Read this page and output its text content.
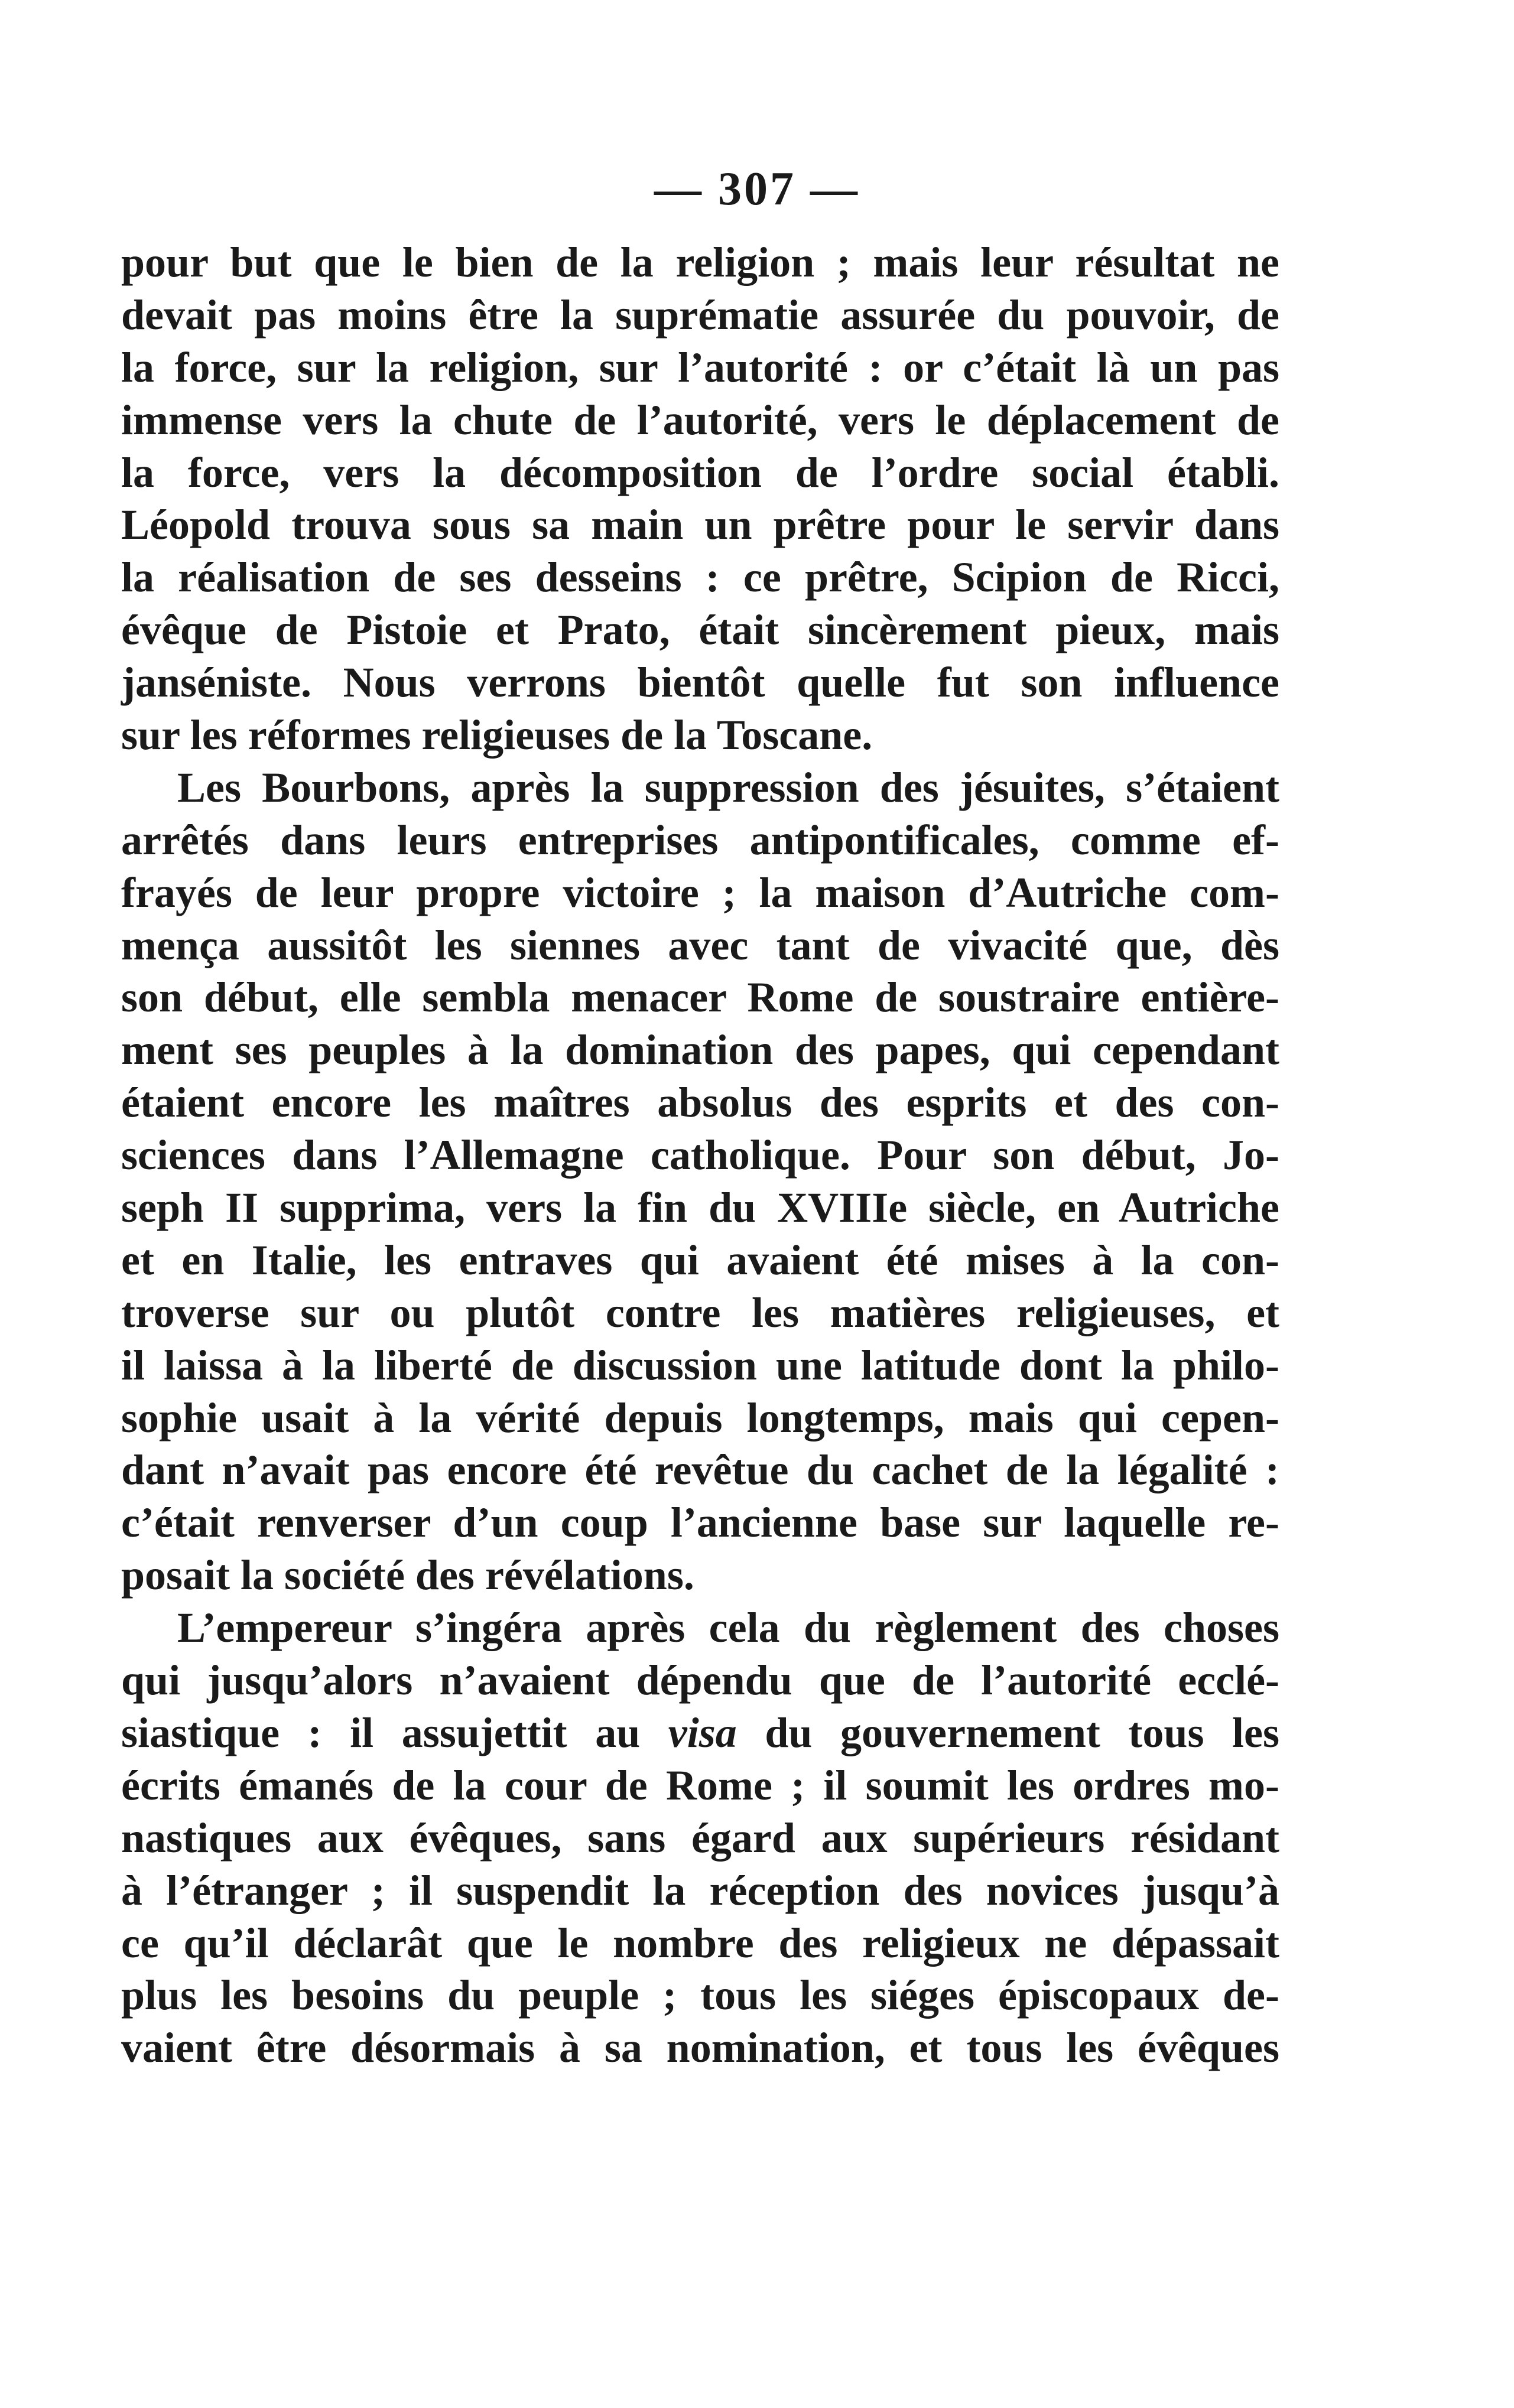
— 307 —
pour but que le bien de la religion ; mais leur résultat ne
devait pas moins être la suprématie assurée du pouvoir, de
la force, sur la religion, sur l’autorité : or c’était là un pas
immense vers la chute de l’autorité, vers le déplacement de
la force, vers la décomposition de l’ordre social établi.
Léopold trouva sous sa main un prêtre pour le servir dans
la réalisation de ses desseins : ce prêtre, Scipion de Ricci,
évêque de Pistoie et Prato, était sincèrement pieux, mais
janséniste. Nous verrons bientôt quelle fut son influence
sur les réformes religieuses de la Toscane.
Les Bourbons, après la suppression des jésuites, s’étaient
arrêtés dans leurs entreprises antipontificales, comme ef-
frayés de leur propre victoire ; la maison d’Autriche com-
mença aussitôt les siennes avec tant de vivacité que, dès
son début, elle sembla menacer Rome de soustraire entière-
ment ses peuples à la domination des papes, qui cependant
étaient encore les maîtres absolus des esprits et des con-
sciences dans l’Allemagne catholique. Pour son début, Jo-
seph II supprima, vers la fin du XVIIIe siècle, en Autriche
et en Italie, les entraves qui avaient été mises à la con-
troverse sur ou plutôt contre les matières religieuses, et
il laissa à la liberté de discussion une latitude dont la philo-
sophie usait à la vérité depuis longtemps, mais qui cepen-
dant n’avait pas encore été revêtue du cachet de la légalité :
c’était renverser d’un coup l’ancienne base sur laquelle re-
posait la société des révélations.
L’empereur s’ingéra après cela du règlement des choses
qui jusqu’alors n’avaient dépendu que de l’autorité ecclé-
siastique : il assujettit au visa du gouvernement tous les
écrits émanés de la cour de Rome ; il soumit les ordres mo-
nastiques aux évêques, sans égard aux supérieurs résidant
à l’étranger ; il suspendit la réception des novices jusqu’à
ce qu’il déclarât que le nombre des religieux ne dépassait
plus les besoins du peuple ; tous les siéges épiscopaux de-
vaient être désormais à sa nomination, et tous les évêques
